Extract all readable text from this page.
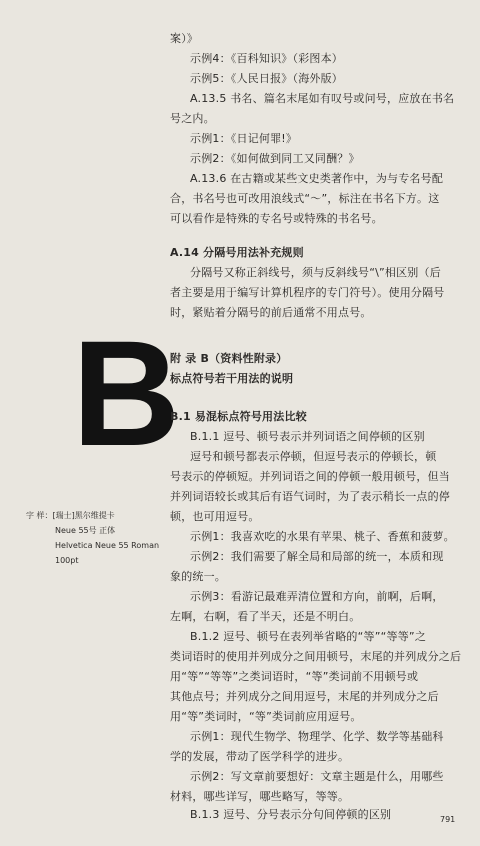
案）》
示例4：《百科知识》（彩图本）
示例5：《人民日报》（海外版）
A.13.5 书名、篇名末尾如有叹号或问号，应放在书名
号之内。
示例1：《日记何罪!》
示例2：《如何做到同工又同酬？》
A.13.6 在古籍或某些文史类著作中，为与专名号配
合，书名号也可改用浪线式“～”，标注在书名下方。这
可以看作是特殊的专名号或特殊的书名号。
A.14 分隔号用法补充规则
分隔号又称正斜线号，须与反斜线号“\”相区别（后
者主要是用于编写计算机程序的专门符号）。使用分隔号
时，紧贴着分隔号的前后通常不用点号。
B
附 录 B（资料性附录）
标点符号若干用法的说明
B.1 易混标点符号用法比较
B.1.1 逗号、顿号表示并列词语之间停顿的区别
逗号和顿号都表示停顿，但逗号表示的停顿长，顿
号表示的停顿短。并列词语之间的停顿一般用顿号，但当
并列词语较长或其后有语气词时，为了表示稍长一点的停
顿，也可用逗号。
示例1：我喜欢吃的水果有苹果、桃子、香蕉和菠萝。
示例2：我们需要了解全局和局部的统一，本质和现
象的统一。
示例3：看游记最难弄清位置和方向，前啊，后啊，
左啊，右啊，看了半天，还是不明白。
B.1.2 逗号、顿号在表列举省略的“等”“等等”之
类词语时的使用并列成分之间用顿号，末尾的并列成分之后
用“等”“等等”之类词语时，“等”类词前不用顿号或
其他点号；并列成分之间用逗号，末尾的并列成分之后
用“等”类词时，“等”类词前应用逗号。
示例1：现代生物学、物理学、化学、数学等基础科
学的发展，带动了医学科学的进步。
示例2：写文章前要想好：文章主题是什么，用哪些
材料，哪些详写，哪些略写，等等。
B.1.3 逗号、分号表示分句间停顿的区别
字 样：[瑞士]黑尔维提卡
Neue 55号 正体
Helvetica Neue 55 Roman
100pt
791
